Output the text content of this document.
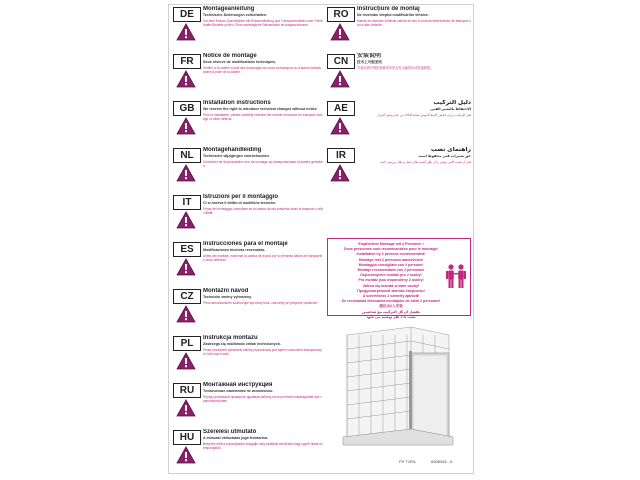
DE	Montageanleitung
Technische Änderungen vorbehalten.
Vor dem Einbau Duschkabine mit Einbauanleitung und Transportschäden oder Fehlerhafte Bauteile prüfen. Eine nachträgliche Reklamation ist ausgeschlossen.
FR	Notice de montage
Sous réserve de modifications techniques.
Vérifier si la cabine a subi des dommages au cours du transport ou d'autres défauts avant la pose de la cabine.
GB	Installation instructions
We reserve the right to introduce technical changes without notice
Prior to installation, please carefully examine the shower enclosure for transport damage or other defects.
NL	Montagehandleiding
Technische wijzigingen voorbehouden.
Controleer de douchecabine voor de montage op transportschade of andere gebreken.
IT	Istruzioni per il montaggio
Ci si riserva il diritto di modifiche tecniche.
Prima del montaggio controllare se la cabina doccia presenta danni di trasporto o altri difetti.
ES	Instrucciones para el montaje
Modificaciones técnicas reservadas.
Antes del montaje, examinar la cabina de ducha por si presenta daños de transporte u otros defectos.
CZ	Montážní návod
Technické změny vyhrazeny.
Před namontováním zkontrolujte sprchový kout, zda nebyl při přepravě poškozen.
PL	Instrukcja montażu
Zastrzega się możliwość zmian technicznych.
Przed montażem sprawdzić kabinę prysznicową pod kątem uszkodzeń transportowych lub innych wad.
RU	Монтажная инструкция
Технические изменения не исключены.
Перед установкой проверьте душевую кабину на отсутствие повреждений при транспортировке.
HU	Szerelési útmutató
A műszaki változtatás joga fenntartva.
Beépítés előtt a zuhanykabint vizsgálja meg szállítási sérülések vagy egyéb hibák szempontjából.
RO	Instrucțiuni de montaj
Ne rezervăm dreptul modificărilor tehnice.
Înainte de montare verificați cabina de duș în privința deteriorărilor de transport sau a altor defecte.
CN	安装说明
技术上可能更改
安装前请仔细检查淋浴房是否有运输损坏或其他缺陷。
AE	دليل التركيب
الاحتفاظ بالتغيير الفني
قبل التركيب يرجى فحص كابينة الدوش بعناية للتأكد من عدم وجود أضرار.
IR	راهنمای نصب
حق تغییرات فنی محفوظ است
قبل از نصب کابین دوش را از نظر آسیب های حمل و نقل بررسی کنید.
Empfohlene Montage mit 2 Personen !
Deux personnes sont recommandées pour le montage!
Installation by 2 persons recommended!
Montage met 2 personen aanbevolen!
Montaggio consigliato con 2 persone!
Montaje recomendado con 2 personas!
Doporučujeme montáž pro 2 osoby!
Pro montáž jsou doporučeny 2 osoby!
Zaleca się montaż w dwie osoby!
Предусмотренный монтаж 2персоны!
A szereléshez 2 személy ajánlott!
Se recomanda efectuarea montajului de către 2 persoane!
建议由2人安装
يفضل أن كل التركيب مع شخصين
نصب با 2 نفر توصیه می شود
PX T1R/L	6908345 - 6
